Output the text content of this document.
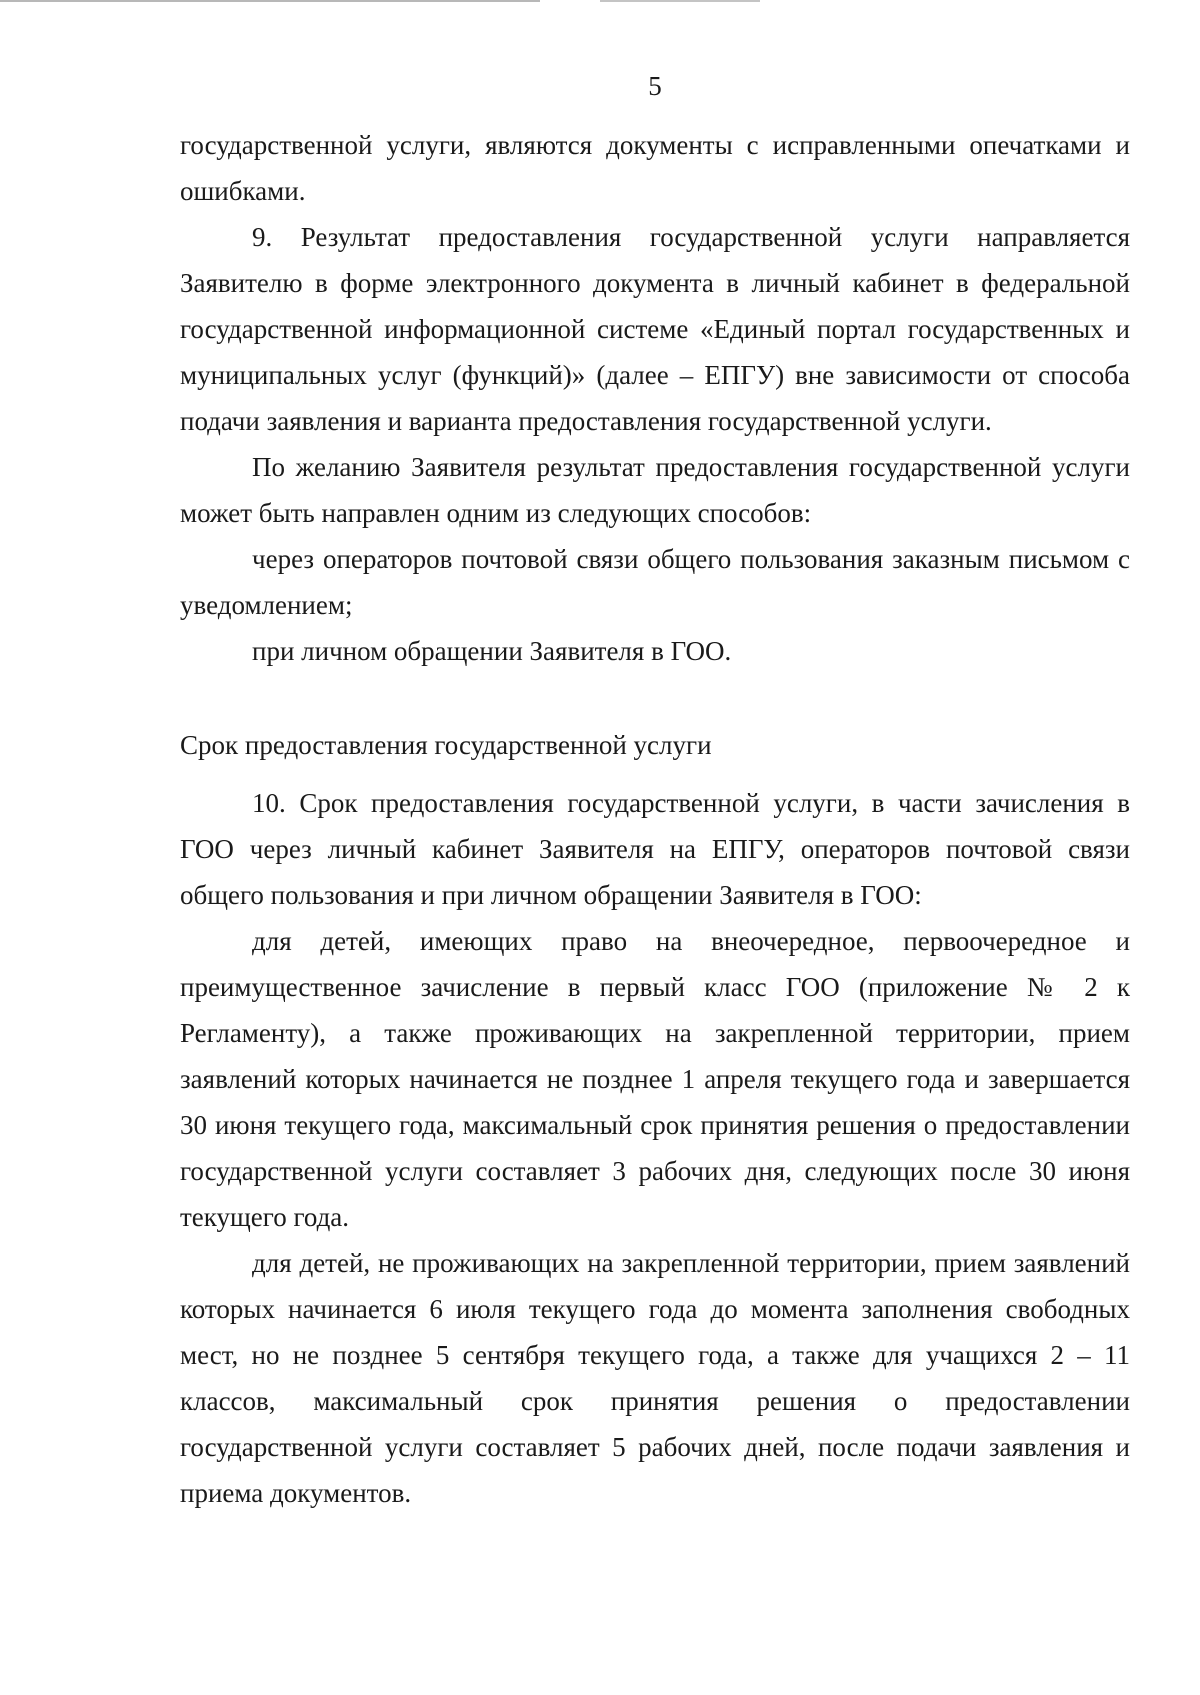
5

государственной услуги, являются документы с исправленными опечатками и ошибками.

9. Результат предоставления государственной услуги направляется Заявителю в форме электронного документа в личный кабинет в федеральной государственной информационной системе «Единый портал государственных и муниципальных услуг (функций)» (далее – ЕПГУ) вне зависимости от способа подачи заявления и варианта предоставления государственной услуги.

По желанию Заявителя результат предоставления государственной услуги может быть направлен одним из следующих способов:

через операторов почтовой связи общего пользования заказным письмом с уведомлением;

при личном обращении Заявителя в ГОО.

Срок предоставления государственной услуги

10. Срок предоставления государственной услуги, в части зачисления в ГОО через личный кабинет Заявителя на ЕПГУ, операторов почтовой связи общего пользования и при личном обращении Заявителя в ГОО:

для детей, имеющих право на внеочередное, первоочередное и преимущественное зачисление в первый класс ГОО (приложение № 2 к Регламенту), а также проживающих на закрепленной территории, прием заявлений которых начинается не позднее 1 апреля текущего года и завершается 30 июня текущего года, максимальный срок принятия решения о предоставлении государственной услуги составляет 3 рабочих дня, следующих после 30 июня текущего года.

для детей, не проживающих на закрепленной территории, прием заявлений которых начинается 6 июля текущего года до момента заполнения свободных мест, но не позднее 5 сентября текущего года, а также для учащихся 2 – 11 классов, максимальный срок принятия решения о предоставлении государственной услуги составляет 5 рабочих дней, после подачи заявления и приема документов.
